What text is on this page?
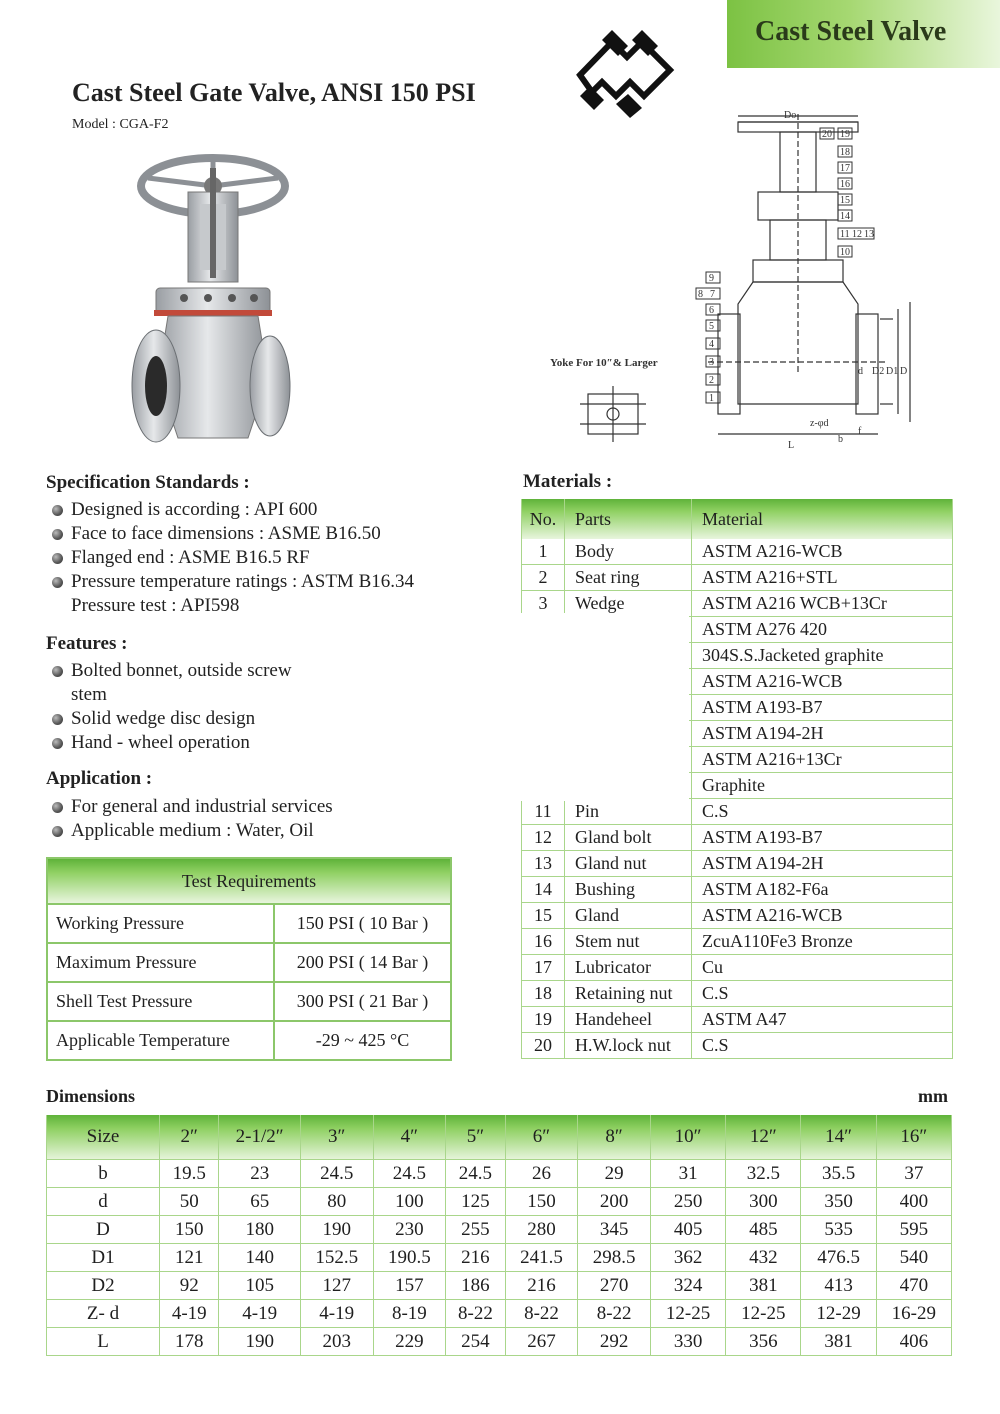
Cast Steel Valve
Cast Steel Gate Valve, ANSI 150 PSI
Model : CGA-F2
Do
20 19
18
17
16
15
14
11 12 13
10
9
8 7
6
5
4
3
2
1
d D2 D1 D
L
z-φd
b
f
Yoke For 10″& Larger
Specification Standards :
Designed is according : API 600
Face to face dimensions : ASME B16.50
Flanged end : ASME B16.5 RF
Pressure temperature ratings : ASTM B16.34
Pressure test : API598
Features :
Bolted bonnet, outside screw
stem
Solid wedge disc design
Hand - wheel operation
Application :
For general and industrial services
Applicable medium : Water, Oil
Test Requirements	
Working Pressure	150 PSI ( 10 Bar )
Maximum Pressure	200 PSI ( 14 Bar )
Shell Test Pressure	300 PSI ( 21 Bar )
Applicable Temperature	-29 ~ 425 °C
Materials :
No.	Parts	Material
1	Body	ASTM A216-WCB
2	Seat ring	ASTM A216+STL
3	Wedge	ASTM A216 WCB+13Cr
		ASTM A276 420
		304S.S.Jacketed graphite
		ASTM A216-WCB
		ASTM A193-B7
		ASTM A194-2H
		ASTM A216+13Cr
		Graphite
11	Pin	C.S
12	Gland bolt	ASTM A193-B7
13	Gland nut	ASTM A194-2H
14	Bushing	ASTM A182-F6a
15	Gland	ASTM A216-WCB
16	Stem nut	ZcuA110Fe3 Bronze
17	Lubricator	Cu
18	Retaining nut	C.S
19	Handeheel	ASTM A47
20	H.W.lock nut	C.S
Dimensions	mm
Size	2″	2-1/2″	3″	4″	5″	6″	8″	10″	12″	14″	16″
b	19.5	23	24.5	24.5	24.5	26	29	31	32.5	35.5	37
d	50	65	80	100	125	150	200	250	300	350	400
D	150	180	190	230	255	280	345	405	485	535	595
D1	121	140	152.5	190.5	216	241.5	298.5	362	432	476.5	540
D2	92	105	127	157	186	216	270	324	381	413	470
Z- d	4-19	4-19	4-19	8-19	8-22	8-22	8-22	12-25	12-25	12-29	16-29
L	178	190	203	229	254	267	292	330	356	381	406
